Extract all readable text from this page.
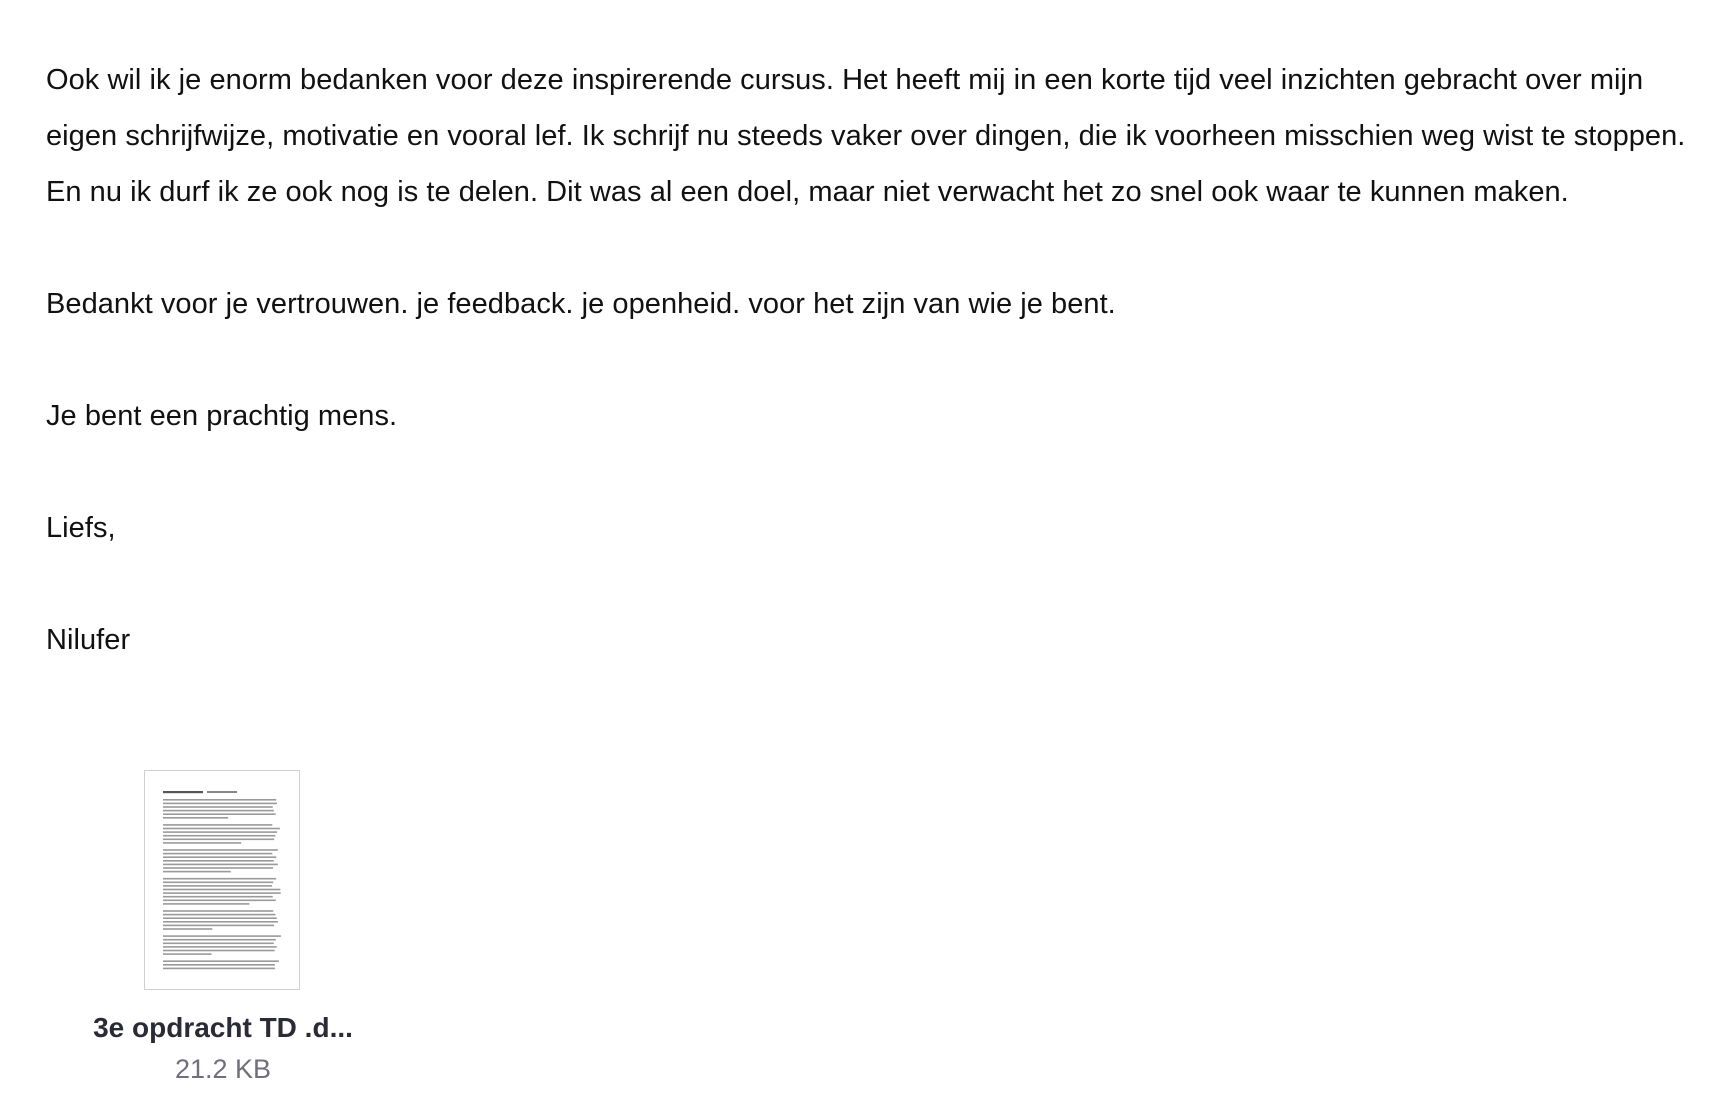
Ook wil ik je enorm bedanken voor deze inspirerende cursus. Het heeft mij in een korte tijd veel inzichten gebracht over mijn eigen schrijfwijze, motivatie en vooral lef. Ik schrijf nu steeds vaker over dingen, die ik voorheen misschien weg wist te stoppen. En nu ik durf ik ze ook nog is te delen. Dit was al een doel, maar niet verwacht het zo snel ook waar te kunnen maken.

Bedankt voor je vertrouwen. je feedback. je openheid. voor het zijn van wie je bent.

Je bent een prachtig mens.

Liefs,

Nilufer

3e opdracht TD .d...
21.2 KB
